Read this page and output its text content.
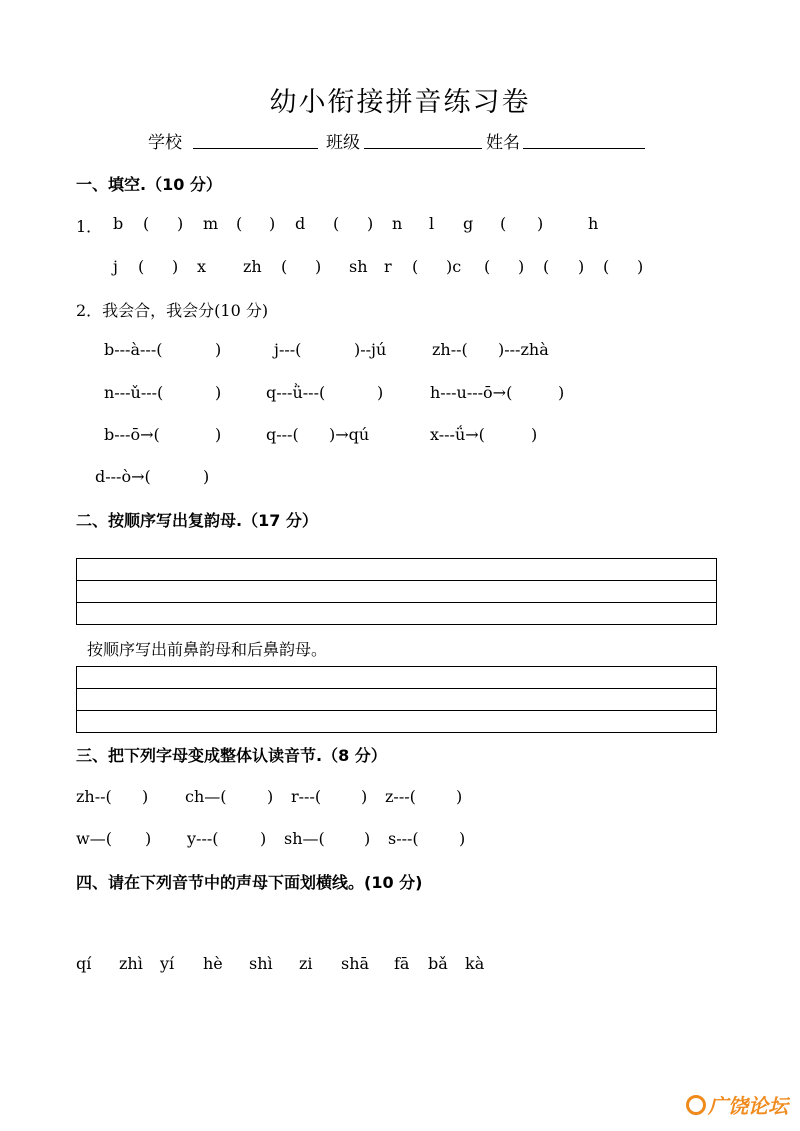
幼小衔接拼音练习卷
学校	班级	姓名
一、填空.（10 分）
1． b ( ) m ( ) d ( ) n l g ( )	h
j ( ) x zh ( ) sh r ( )c ( ) ( ) ( )
2．我会合，我会分(10 分)
b---à---(	)	j---(	)--jú	zh--( )---zhà
n---ǔ---(	)	q---ǜ---(	)	h---u---ō→(	)
b---ō→(	)	q---( )→qú	x---ǘ→(	)
d---ò→(	)
二、按顺序写出复韵母.（17 分）
按顺序写出前鼻韵母和后鼻韵母。
三、把下列字母变成整体认读音节.（8 分）
zh--( ) ch—(	) r---( ) z---(	)
w—( ) y---(	) sh—( ) s---(	)
四、请在下列音节中的声母下面划横线。(10 分)
qí zhì yí hè shì zi shā fā bǎ kà
广饶论坛
